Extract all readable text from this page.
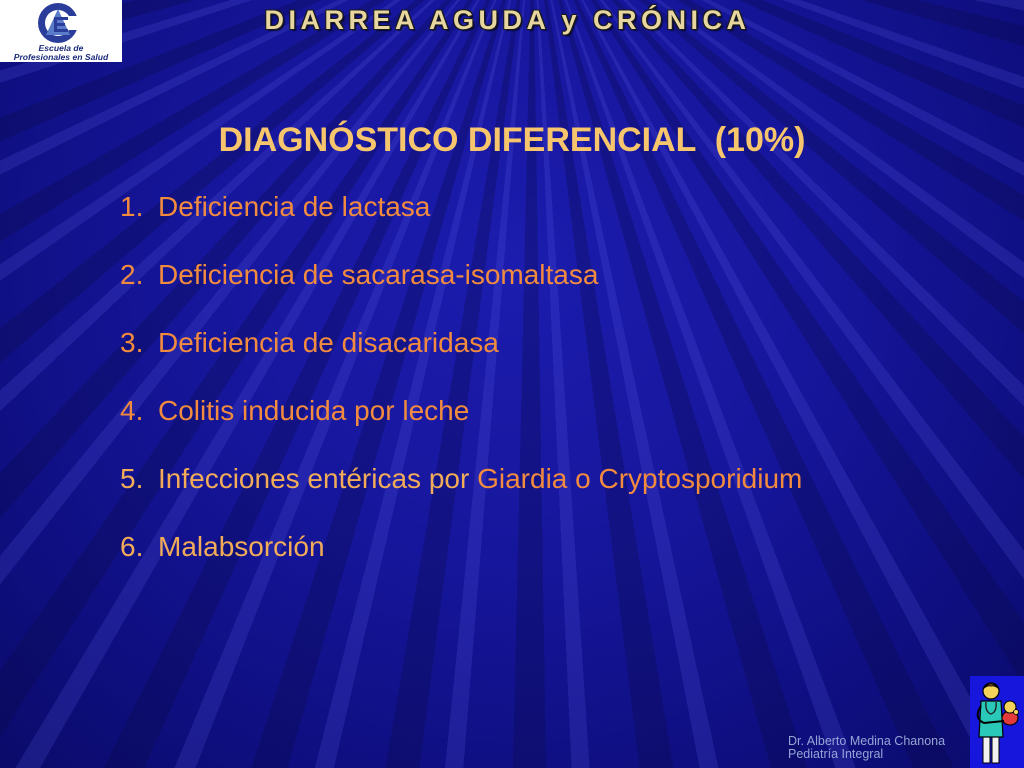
Escuela de
Profesionales en Salud
DIARREA AGUDA y CRÓNICA
DIAGNÓSTICO DIFERENCIAL  (10%)
1. Deficiencia de lactasa
2. Deficiencia de sacarasa-isomaltasa
3. Deficiencia de disacaridasa
4. Colitis inducida por leche
5. Infecciones entéricas por Giardia o Cryptosporidium
6. Malabsorción
Dr. Alberto Medina Chanona
Pediatría Integral
